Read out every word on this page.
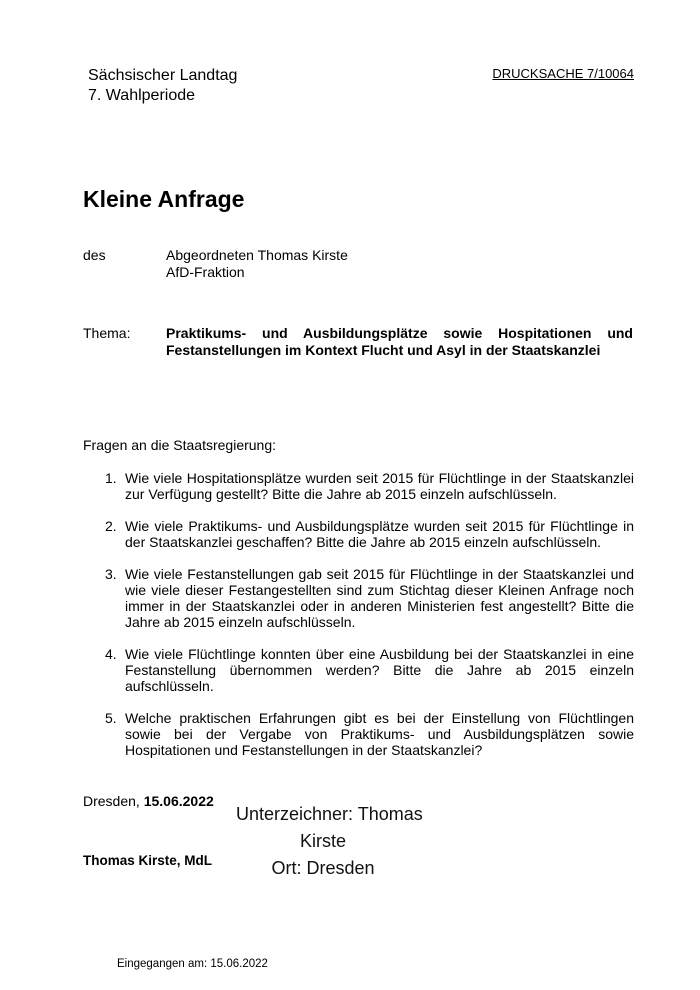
Sächsischer Landtag
7. Wahlperiode
DRUCKSACHE 7/10064
Kleine Anfrage
des	Abgeordneten Thomas Kirste
AfD-Fraktion
Thema:	Praktikums- und Ausbildungsplätze sowie Hospitationen und
Festanstellungen im Kontext Flucht und Asyl in der Staatskanzlei
Fragen an die Staatsregierung:
1. Wie viele Hospitationsplätze wurden seit 2015 für Flüchtlinge in der Staatskanzlei zur Verfügung gestellt? Bitte die Jahre ab 2015 einzeln aufschlüsseln.
2. Wie viele Praktikums- und Ausbildungsplätze wurden seit 2015 für Flüchtlinge in der Staatskanzlei geschaffen? Bitte die Jahre ab 2015 einzeln aufschlüsseln.
3. Wie viele Festanstellungen gab seit 2015 für Flüchtlinge in der Staatskanzlei und wie viele dieser Festangestellten sind zum Stichtag dieser Kleinen Anfrage noch immer in der Staatskanzlei oder in anderen Ministerien fest angestellt? Bitte die Jahre ab 2015 einzeln aufschlüsseln.
4. Wie viele Flüchtlinge konnten über eine Ausbildung bei der Staatskanzlei in eine Festanstellung übernommen werden? Bitte die Jahre ab 2015 einzeln aufschlüsseln.
5. Welche praktischen Erfahrungen gibt es bei der Einstellung von Flüchtlingen sowie bei der Vergabe von Praktikums- und Ausbildungsplätzen sowie Hospitationen und Festanstellungen in der Staatskanzlei?
Dresden, 15.06.2022
Unterzeichner: Thomas
Kirste
Ort: Dresden
Thomas Kirste, MdL
Eingegangen am: 15.06.2022
